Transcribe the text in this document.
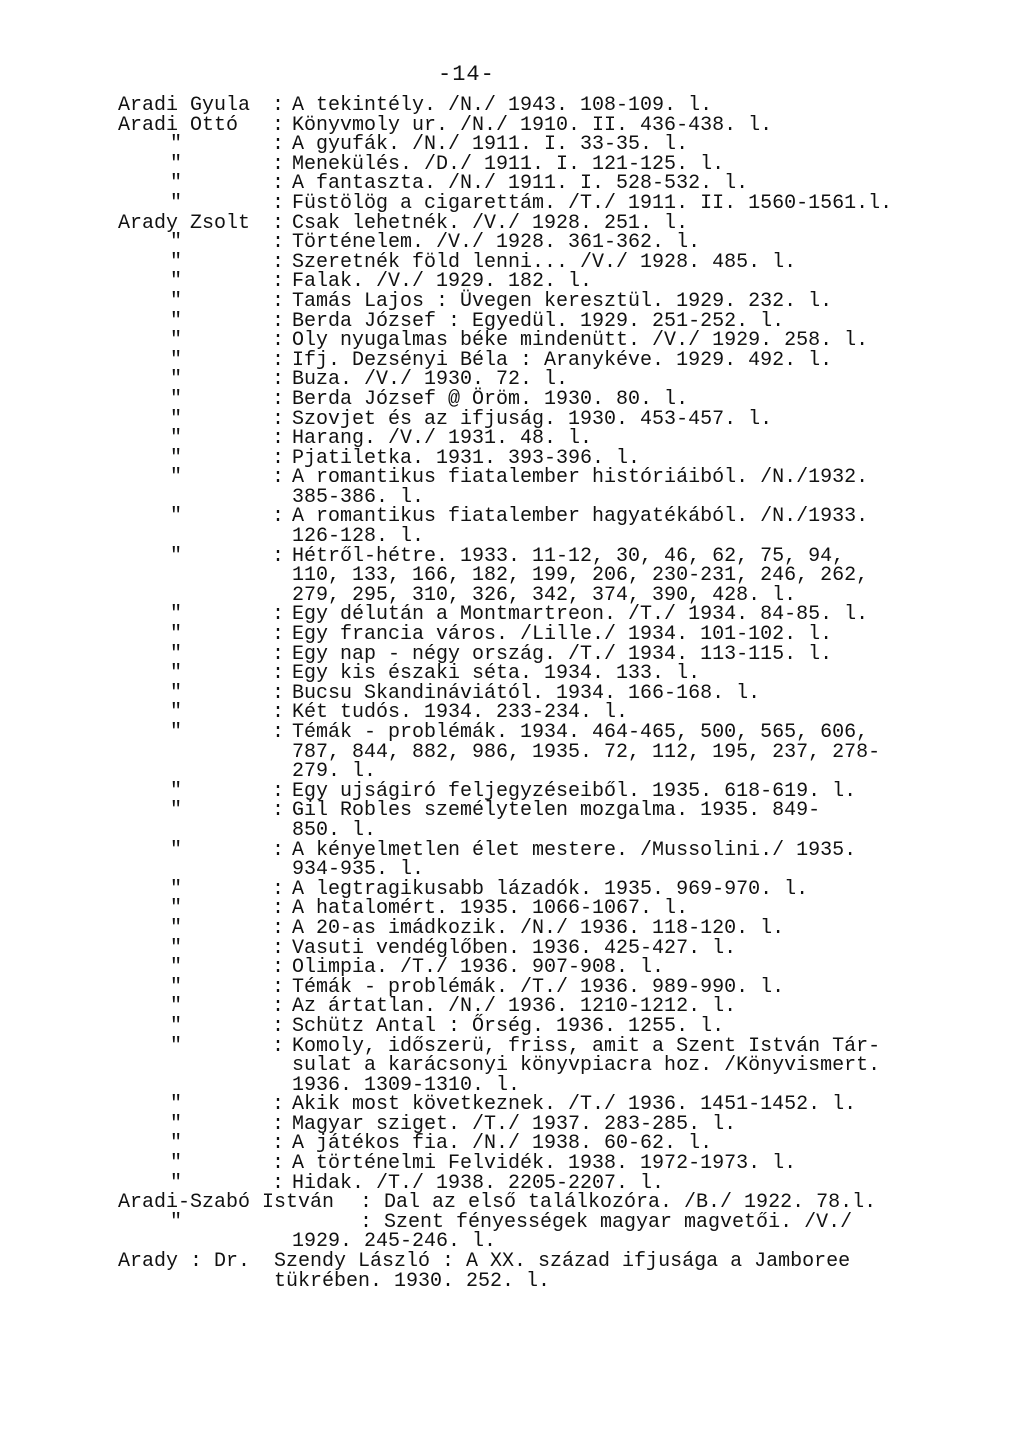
-14-
Aradi Gyula : A tekintély. /N./ 1943. 108-109. l.
Aradi Ottó : Könyvmoly ur. /N./ 1910. II. 436-438. l.
"	: A gyufák. /N./ 1911. I. 33-35. l.
"	: Menekülés. /D./ 1911. I. 121-125. l.
"	: A fantaszta. /N./ 1911. I. 528-532. l.
"	: Füstölög a cigarettám. /T./ 1911. II. 1560-1561.l.
Arady Zsolt : Csak lehetnék. /V./ 1928. 251. l.
"	: Történelem. /V./ 1928. 361-362. l.
"	: Szeretnék föld lenni... /V./ 1928. 485. l.
"	: Falak. /V./ 1929. 182. l.
"	: Tamás Lajos : Üvegen keresztül. 1929. 232. l.
"	: Berda József : Egyedül. 1929. 251-252. l.
"	: Oly nyugalmas béke mindenütt. /V./ 1929. 258. l.
"	: Ifj. Dezsényi Béla : Aranykéve. 1929. 492. l.
"	: Buza. /V./ 1930. 72. l.
"	: Berda József @ Öröm. 1930. 80. l.
"	: Szovjet és az ifjuság. 1930. 453-457. l.
"	: Harang. /V./ 1931. 48. l.
"	: Pjatiletka. 1931. 393-396. l.
"	: A romantikus fiatalember históriáiból. /N./1932.
385-386. l.
"	: A romantikus fiatalember hagyatékából. /N./1933.
126-128. l.
"	: Hétről-hétre. 1933. 11-12, 30, 46, 62, 75, 94,
110, 133, 166, 182, 199, 206, 230-231, 246, 262,
279, 295, 310, 326, 342, 374, 390, 428. l.
"	: Egy délután a Montmartreon. /T./ 1934. 84-85. l.
"	: Egy francia város. /Lille./ 1934. 101-102. l.
"	: Egy nap - négy ország. /T./ 1934. 113-115. l.
"	: Egy kis északi séta. 1934. 133. l.
"	: Bucsu Skandináviától. 1934. 166-168. l.
"	: Két tudós. 1934. 233-234. l.
"	: Témák - problémák. 1934. 464-465, 500, 565, 606,
787, 844, 882, 986, 1935. 72, 112, 195, 237, 278-
279. l.
"	: Egy ujságiró feljegyzéseiből. 1935. 618-619. l.
"	: Gil Robles személytelen mozgalma. 1935. 849-
850. l.
"	: A kényelmetlen élet mestere. /Mussolini./ 1935.
934-935. l.
"	: A legtragikusabb lázadók. 1935. 969-970. l.
"	: A hatalomért. 1935. 1066-1067. l.
"	: A 20-as imádkozik. /N./ 1936. 118-120. l.
"	: Vasuti vendéglőben. 1936. 425-427. l.
"	: Olimpia. /T./ 1936. 907-908. l.
"	: Témák - problémák. /T./ 1936. 989-990. l.
"	: Az ártatlan. /N./ 1936. 1210-1212. l.
"	: Schütz Antal : Őrség. 1936. 1255. l.
"	: Komoly, időszerü, friss, amit a Szent István Tár-
sulat a karácsonyi könyvpiacra hoz. /Könyvismert.
1936. 1309-1310. l.
"	: Akik most következnek. /T./ 1936. 1451-1452. l.
"	: Magyar sziget. /T./ 1937. 283-285. l.
"	: A játékos fia. /N./ 1938. 60-62. l.
"	: A történelmi Felvidék. 1938. 1972-1973. l.
"	: Hidak. /T./ 1938. 2205-2207. l.
Aradi-Szabó István : Dal az első találkozóra. /B./ 1922. 78.l.
"	: Szent fényességek magyar magvetői. /V./
1929. 245-246. l.
Arady : Dr. Szendy László : A XX. század ifjusága a Jamboree
tükrében. 1930. 252. l.
